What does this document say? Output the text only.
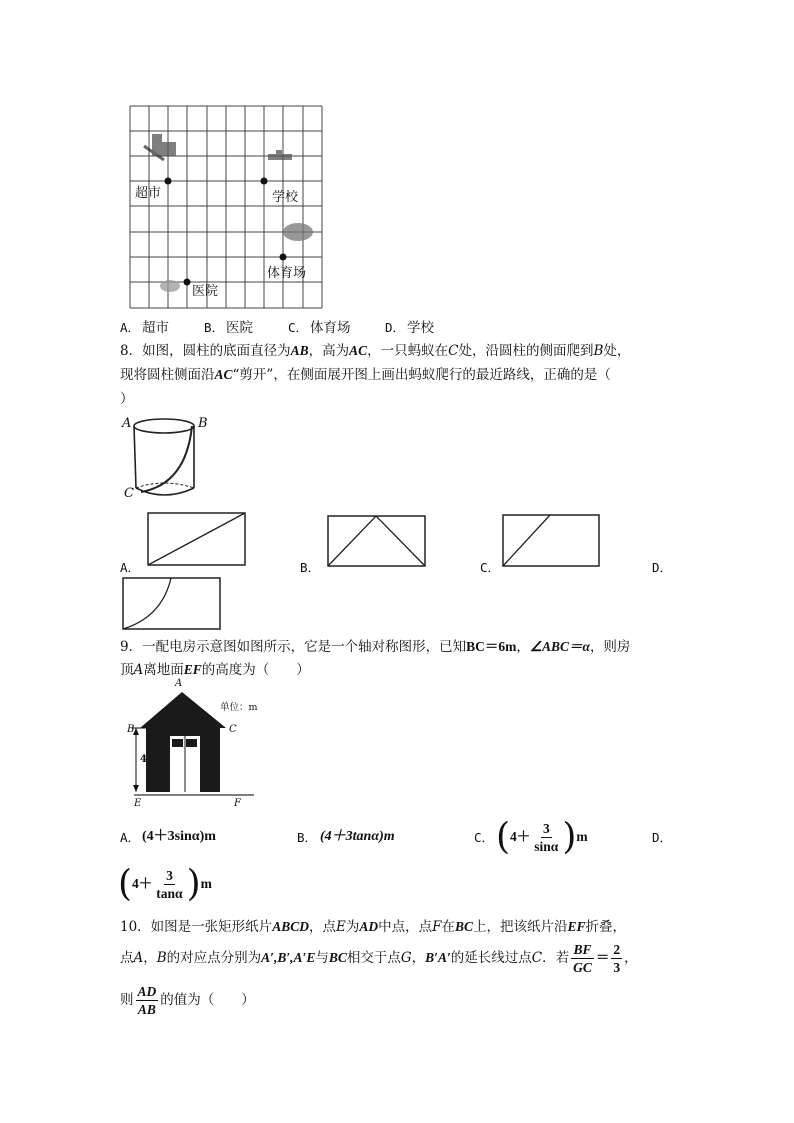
超市	学校
体育场
医院
A． 超市	B． 医院	C． 体育场	D． 学校
8．如图，圆柱的底面直径为AB，高为AC，一只蚂蚁在C处，沿圆柱的侧面爬到B处，
现将圆柱侧面沿AC“剪开”，在侧面展开图上画出蚂蚁爬行的最近路线，正确的是（
）
A	B
C
A．	B．	C．	D．
9．一配电房示意图如图所示，它是一个轴对称图形，已知BC＝6m，∠ABC＝α，则房
顶A离地面EF的高度为（　　）
A
B	C
单位：m
4
E	F
A． (4＋3sinα)m	B． (4＋3tanα)m	C． $(4+ \frac{3}{\sin\alpha} )m$	D．
$(4+ \frac{3}{\tan\alpha} )m$
10．如图是一张矩形纸片ABCD，点E为AD中点，点F在BC上，把该纸片沿EF折叠，
点A，B的对应点分别为A′,B′,A′E与BC相交于点G，B′A′的延长线过点C．若 $\frac{BF}{GC} = \frac{2}{3}$ ，
则 $\frac{AD}{AB}$ 的值为（　　）
